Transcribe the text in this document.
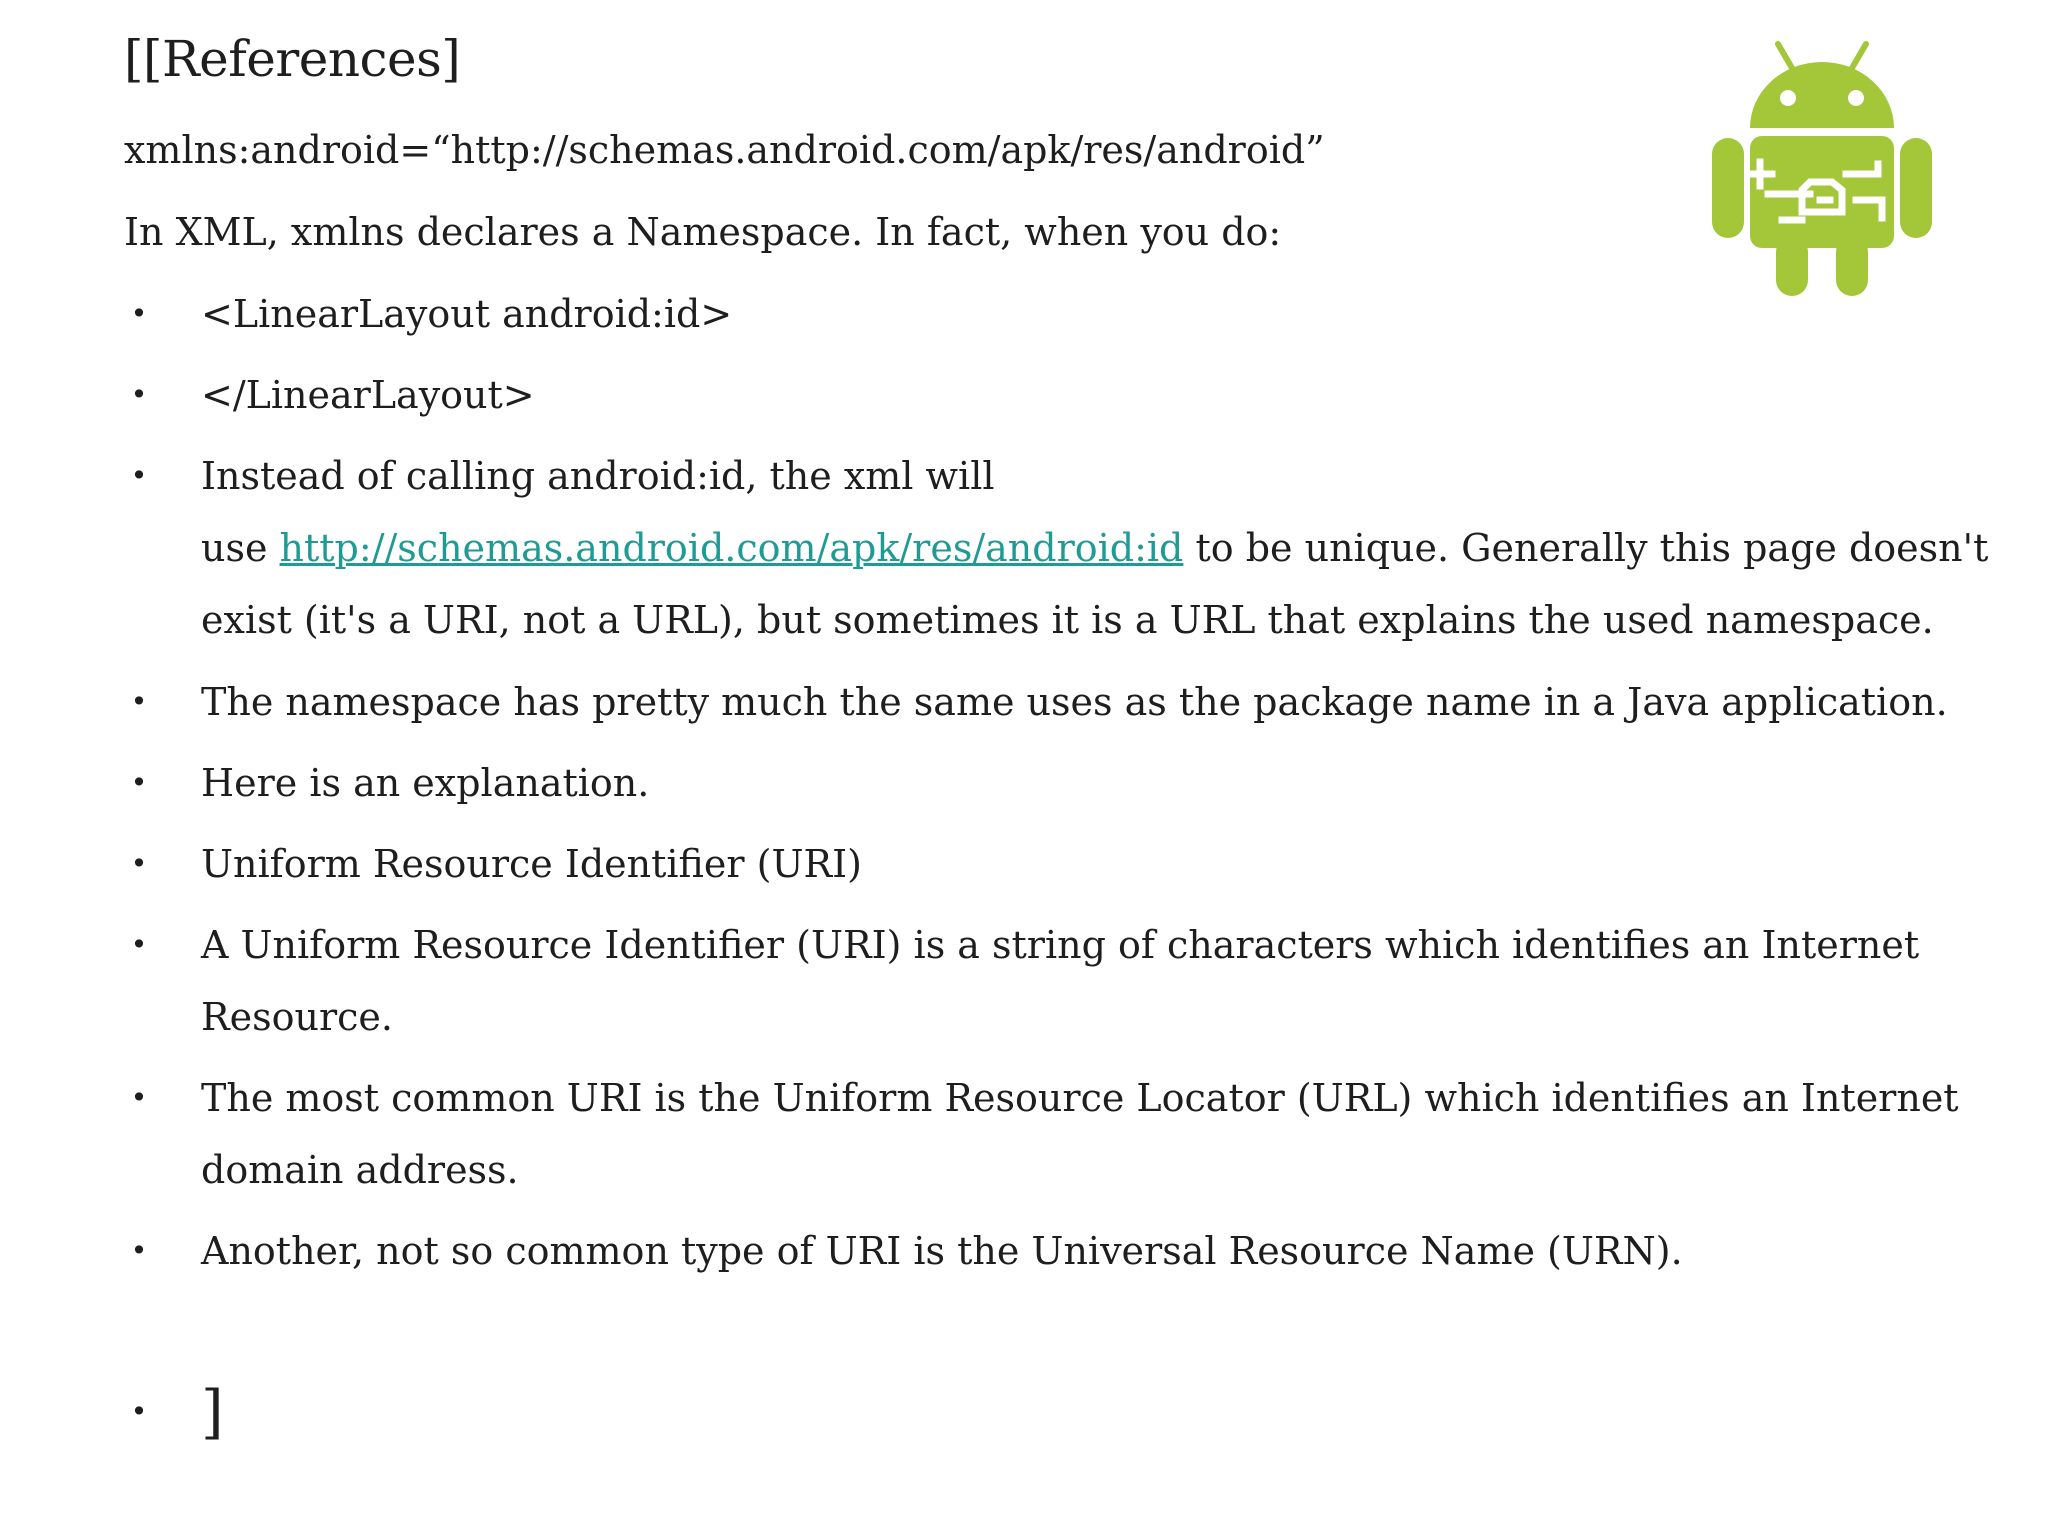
[[References]
xmlns:android=“http://schemas.android.com/apk/res/android”
In XML, xmlns declares a Namespace. In fact, when you do:
• <LinearLayout android:id>
• </LinearLayout>
• Instead of calling android:id, the xml will
use http://schemas.android.com/apk/res/android:id to be unique. Generally this page doesn't
exist (it's a URI, not a URL), but sometimes it is a URL that explains the used namespace.
• The namespace has pretty much the same uses as the package name in a Java application.
• Here is an explanation.
• Uniform Resource Identifier (URI)
• A Uniform Resource Identifier (URI) is a string of characters which identifies an Internet
Resource.
• The most common URI is the Uniform Resource Locator (URL) which identifies an Internet
domain address.
• Another, not so common type of URI is the Universal Resource Name (URN).
• ]
